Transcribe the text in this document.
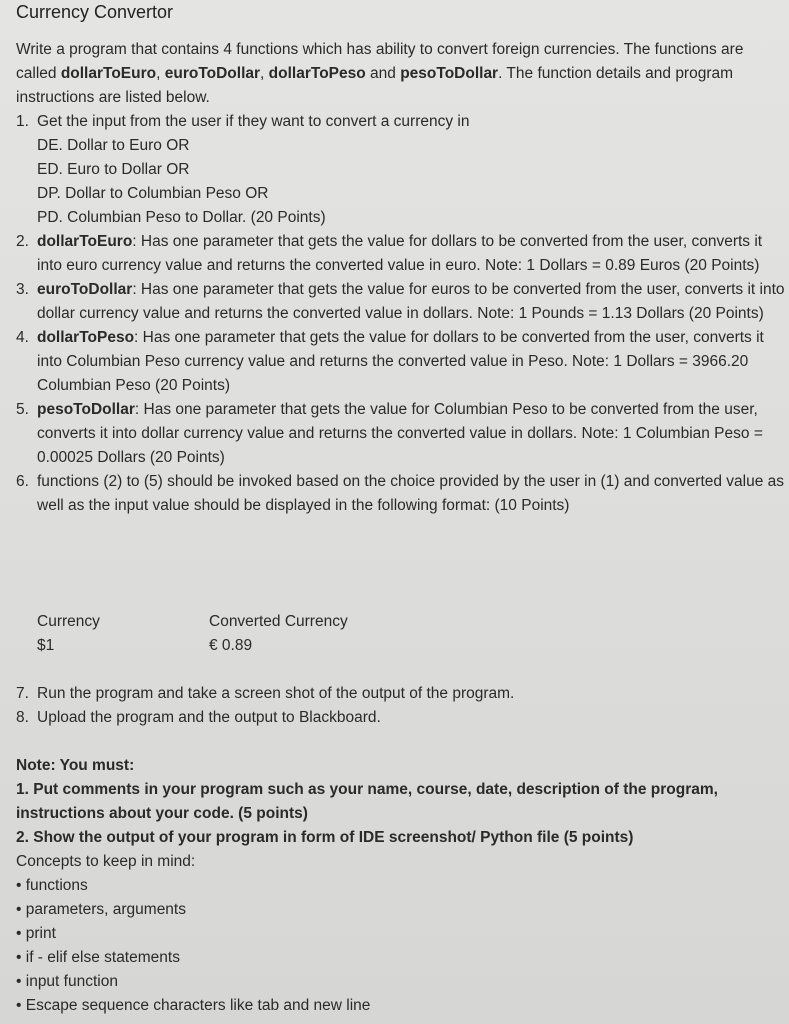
Currency Convertor
Write a program that contains 4 functions which has ability to convert foreign currencies. The functions are called dollarToEuro, euroToDollar, dollarToPeso and pesoToDollar. The function details and program instructions are listed below.
1. Get the input from the user if they want to convert a currency in
DE. Dollar to Euro OR
ED. Euro to Dollar OR
DP. Dollar to Columbian Peso OR
PD. Columbian Peso to Dollar. (20 Points)
2. dollarToEuro: Has one parameter that gets the value for dollars to be converted from the user, converts it into euro currency value and returns the converted value in euro. Note: 1 Dollars = 0.89 Euros (20 Points)
3. euroToDollar: Has one parameter that gets the value for euros to be converted from the user, converts it into dollar currency value and returns the converted value in dollars. Note: 1 Pounds = 1.13 Dollars (20 Points)
4. dollarToPeso: Has one parameter that gets the value for dollars to be converted from the user, converts it into Columbian Peso currency value and returns the converted value in Peso. Note: 1 Dollars = 3966.20 Columbian Peso (20 Points)
5. pesoToDollar: Has one parameter that gets the value for Columbian Peso to be converted from the user, converts it into dollar currency value and returns the converted value in dollars. Note: 1 Columbian Peso = 0.00025 Dollars (20 Points)
6. functions (2) to (5) should be invoked based on the choice provided by the user in (1) and converted value as well as the input value should be displayed in the following format: (10 Points)
Currency
$1
Converted Currency
€ 0.89
7. Run the program and take a screen shot of the output of the program.
8. Upload the program and the output to Blackboard.
Note: You must:
1. Put comments in your program such as your name, course, date, description of the program, instructions about your code. (5 points)
2. Show the output of your program in form of IDE screenshot/ Python file (5 points)
Concepts to keep in mind:
• functions
• parameters, arguments
• print
• if - elif else statements
• input function
• Escape sequence characters like tab and new line
